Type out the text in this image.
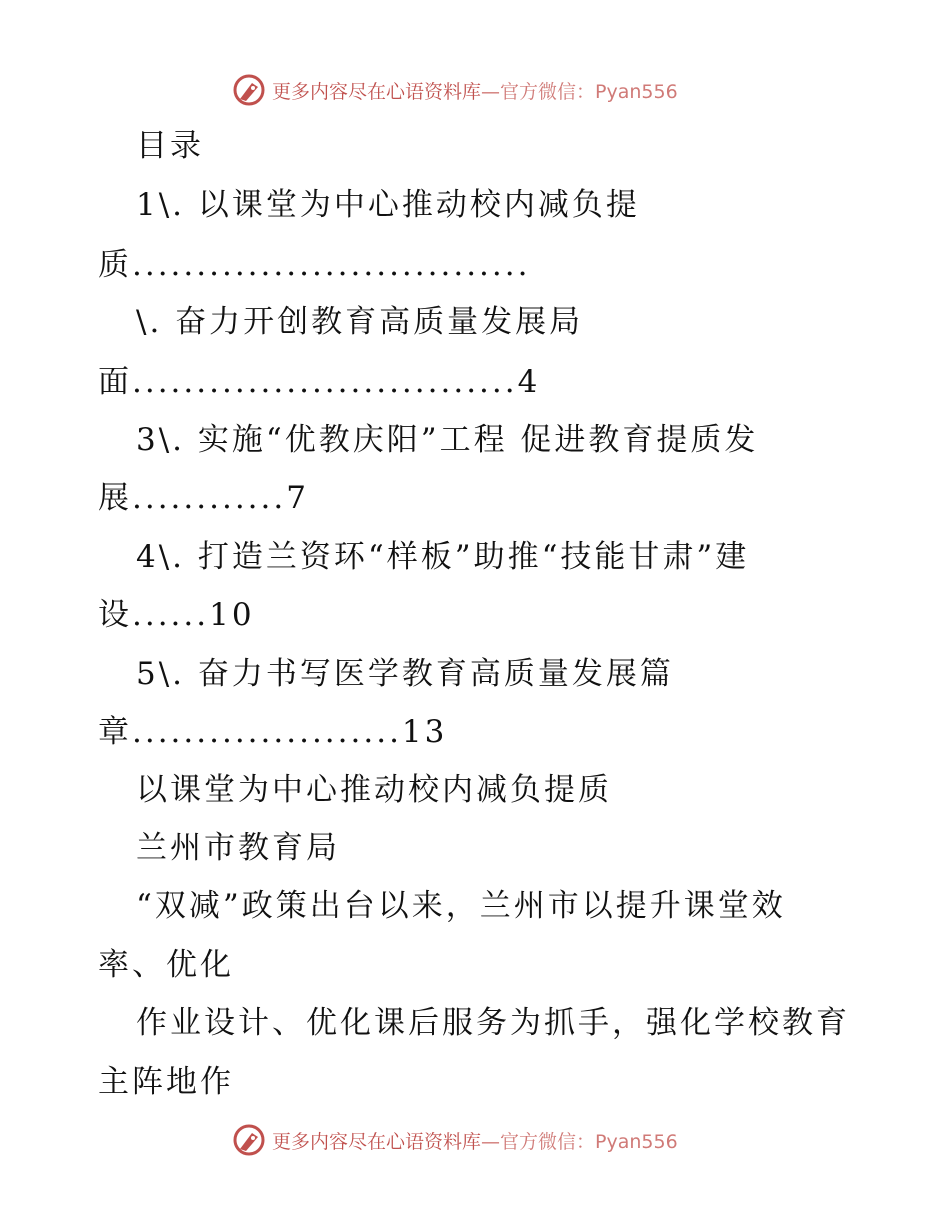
更多内容尽在心语资料库 —官方微信：Pyan556
目录
1\. 以课堂为中心推动校内减负提
质...............................
\. 奋力开创教育高质量发展局
面..............................4
3\. 实施“优教庆阳”工程 促进教育提质发
展............7
4\. 打造兰资环“样板”助推“技能甘肃”建
设......10
5\. 奋力书写医学教育高质量发展篇
章.....................13
以课堂为中心推动校内减负提质
兰州市教育局
“双减”政策出台以来，兰州市以提升课堂效
率、优化
作业设计、优化课后服务为抓手，强化学校教育
主阵地作
更多内容尽在心语资料库 —官方微信：Pyan556
